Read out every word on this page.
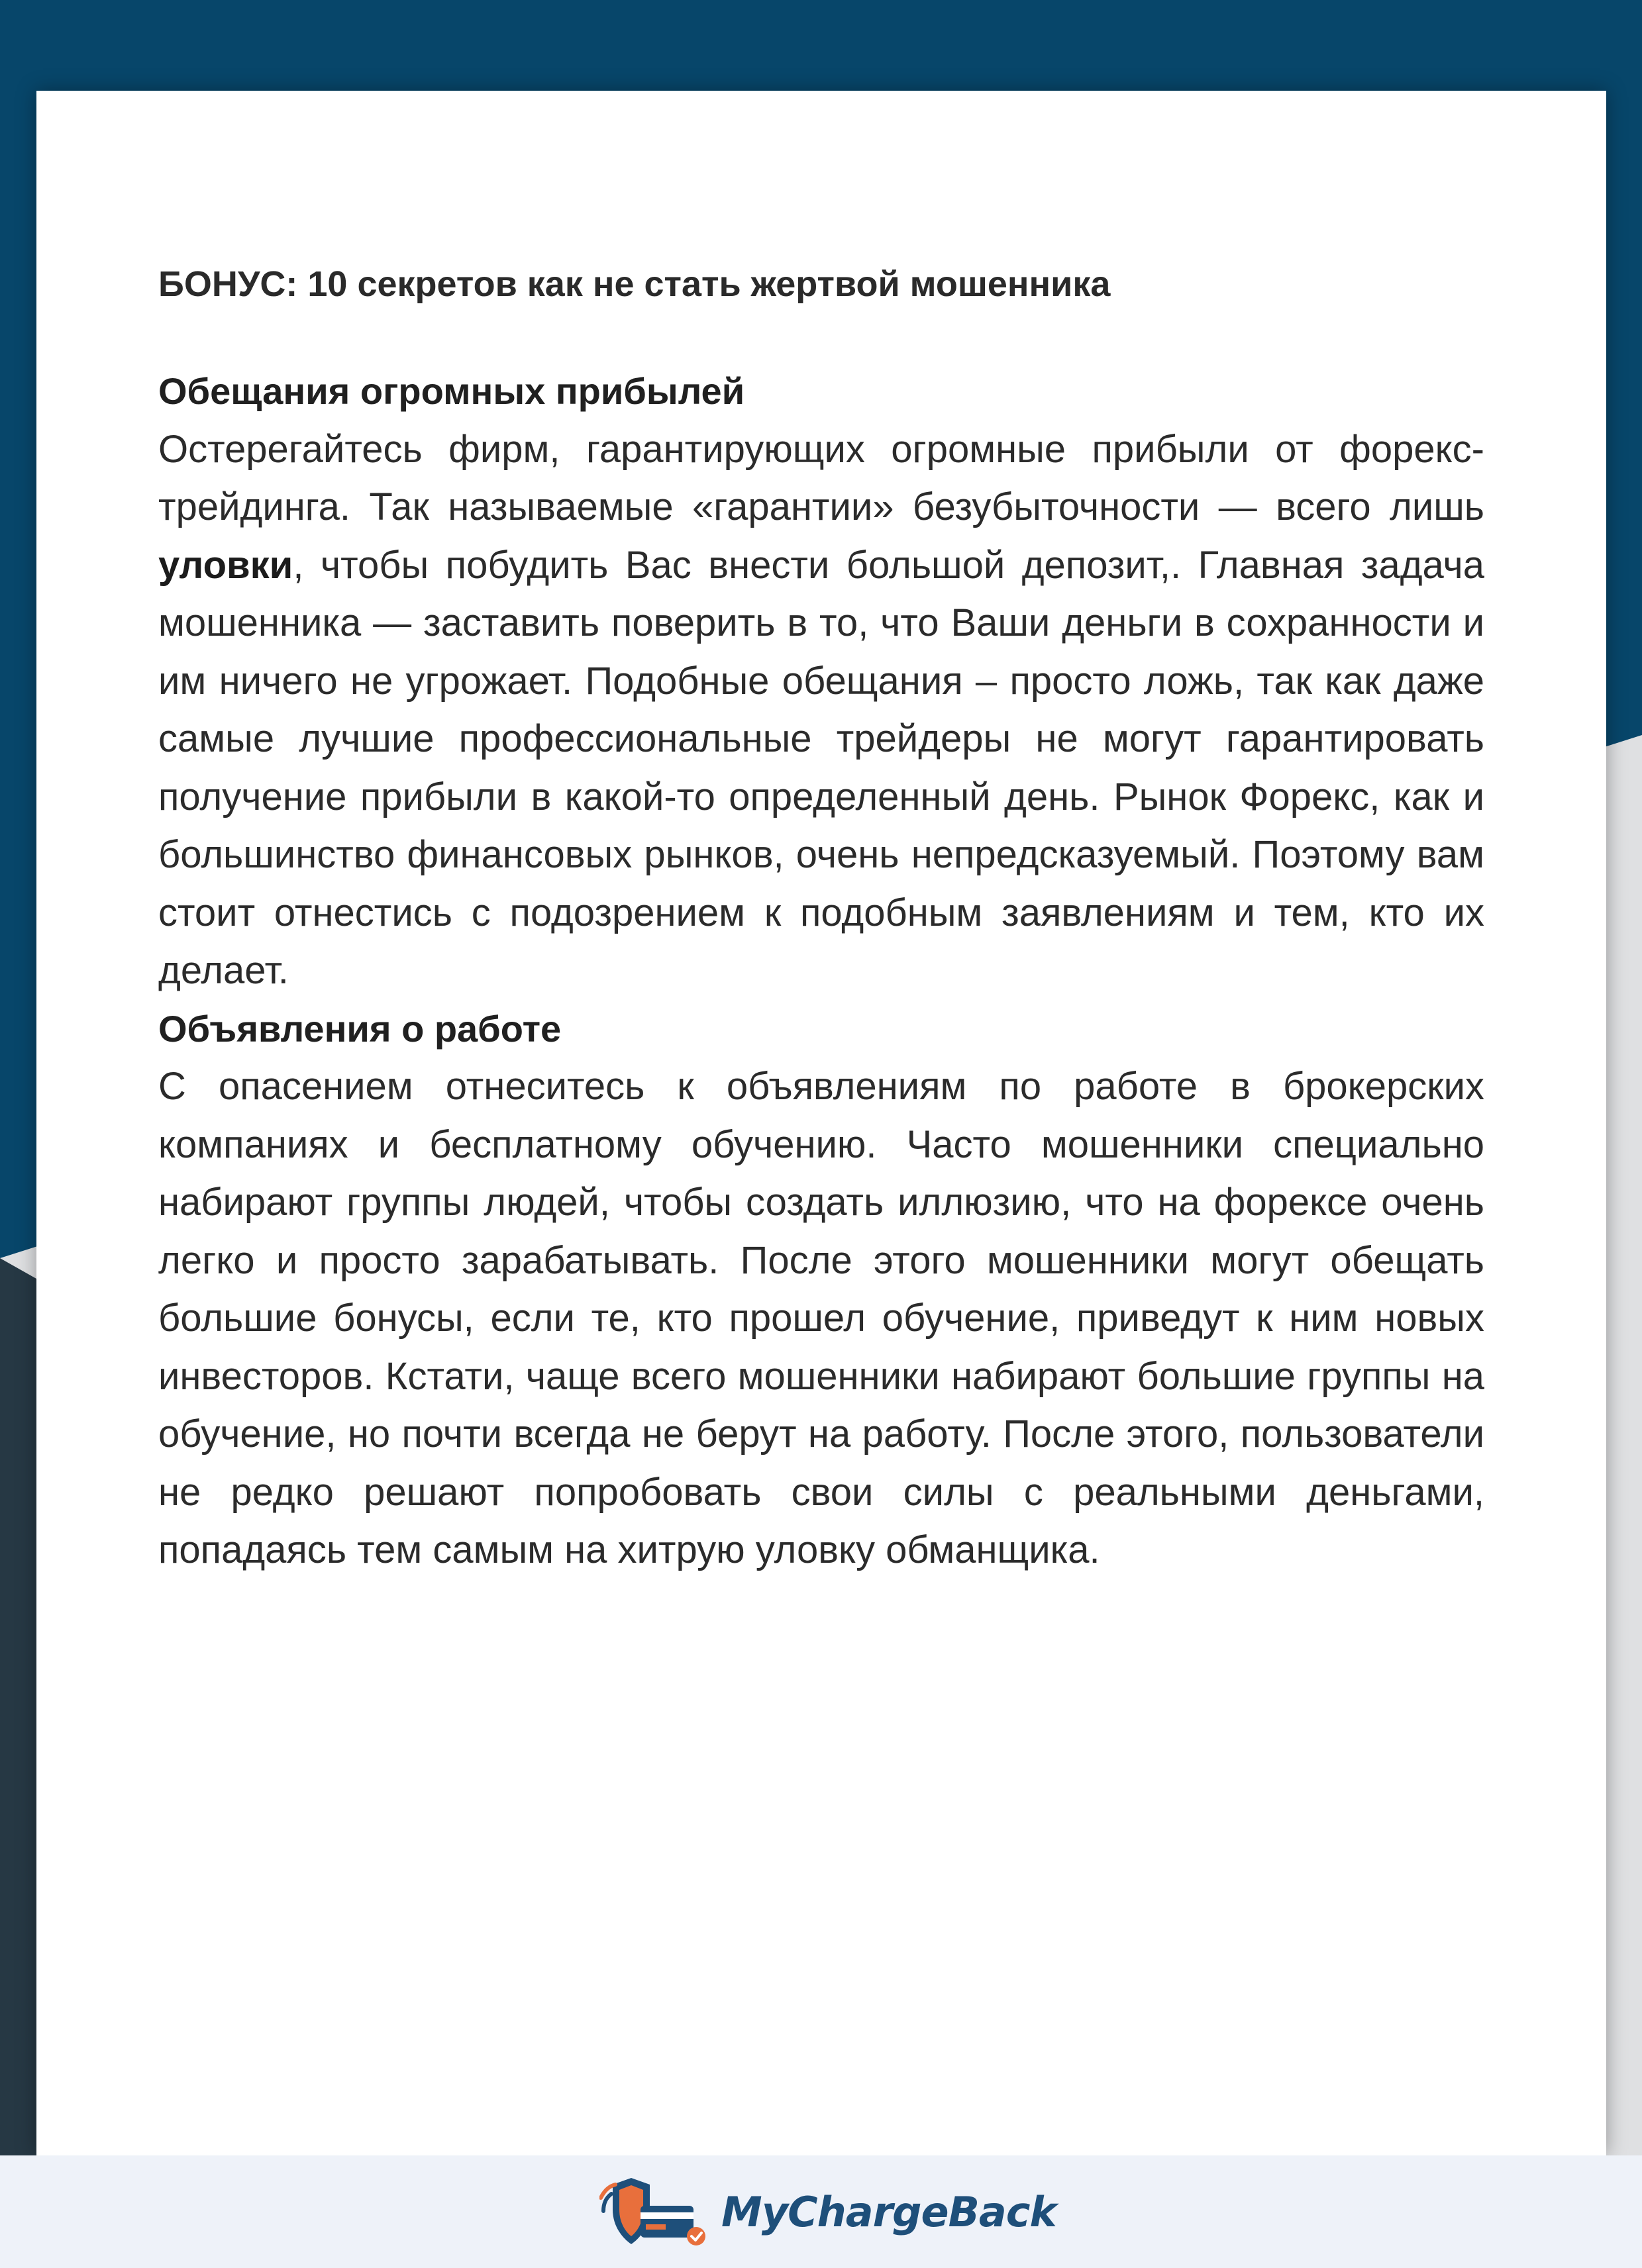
БОНУС: 10 секретов как не стать жертвой мошенника
Обещания огромных прибылей

Остерегайтесь фирм, гарантирующих огромные прибыли от форекс-трейдинга. Так называемые «гарантии» безубыточности — всего лишь уловки, чтобы побудить Вас внести большой депозит,. Главная задача мошенника — заставить поверить в то, что Ваши деньги в сохранности и им ничего не угрожает. Подобные обещания – просто ложь, так как даже самые лучшие профессиональные трейдеры не могут гарантировать получение прибыли в какой-то определенный день. Рынок Форекс, как и большинство финансовых рынков, очень непредсказуемый. Поэтому вам стоит отнестись с подозрением к подобным заявлениям и тем, кто их делает.

Объявления о работе

С опасением отнеситесь к объявлениям по работе в брокерских компаниях и бесплатному обучению. Часто мошенники специально набирают группы людей, чтобы создать иллюзию, что на форексе очень легко и просто зарабатывать. После этого мошенники могут обещать большие бонусы, если те, кто прошел обучение, приведут к ним новых инвесторов. Кстати, чаще всего мошенники набирают большие группы на обучение, но почти всегда не берут на работу. После этого, пользователи не редко решают попробовать свои силы с реальными деньгами, попадаясь тем самым на хитрую уловку обманщика.

MyChargeBack
